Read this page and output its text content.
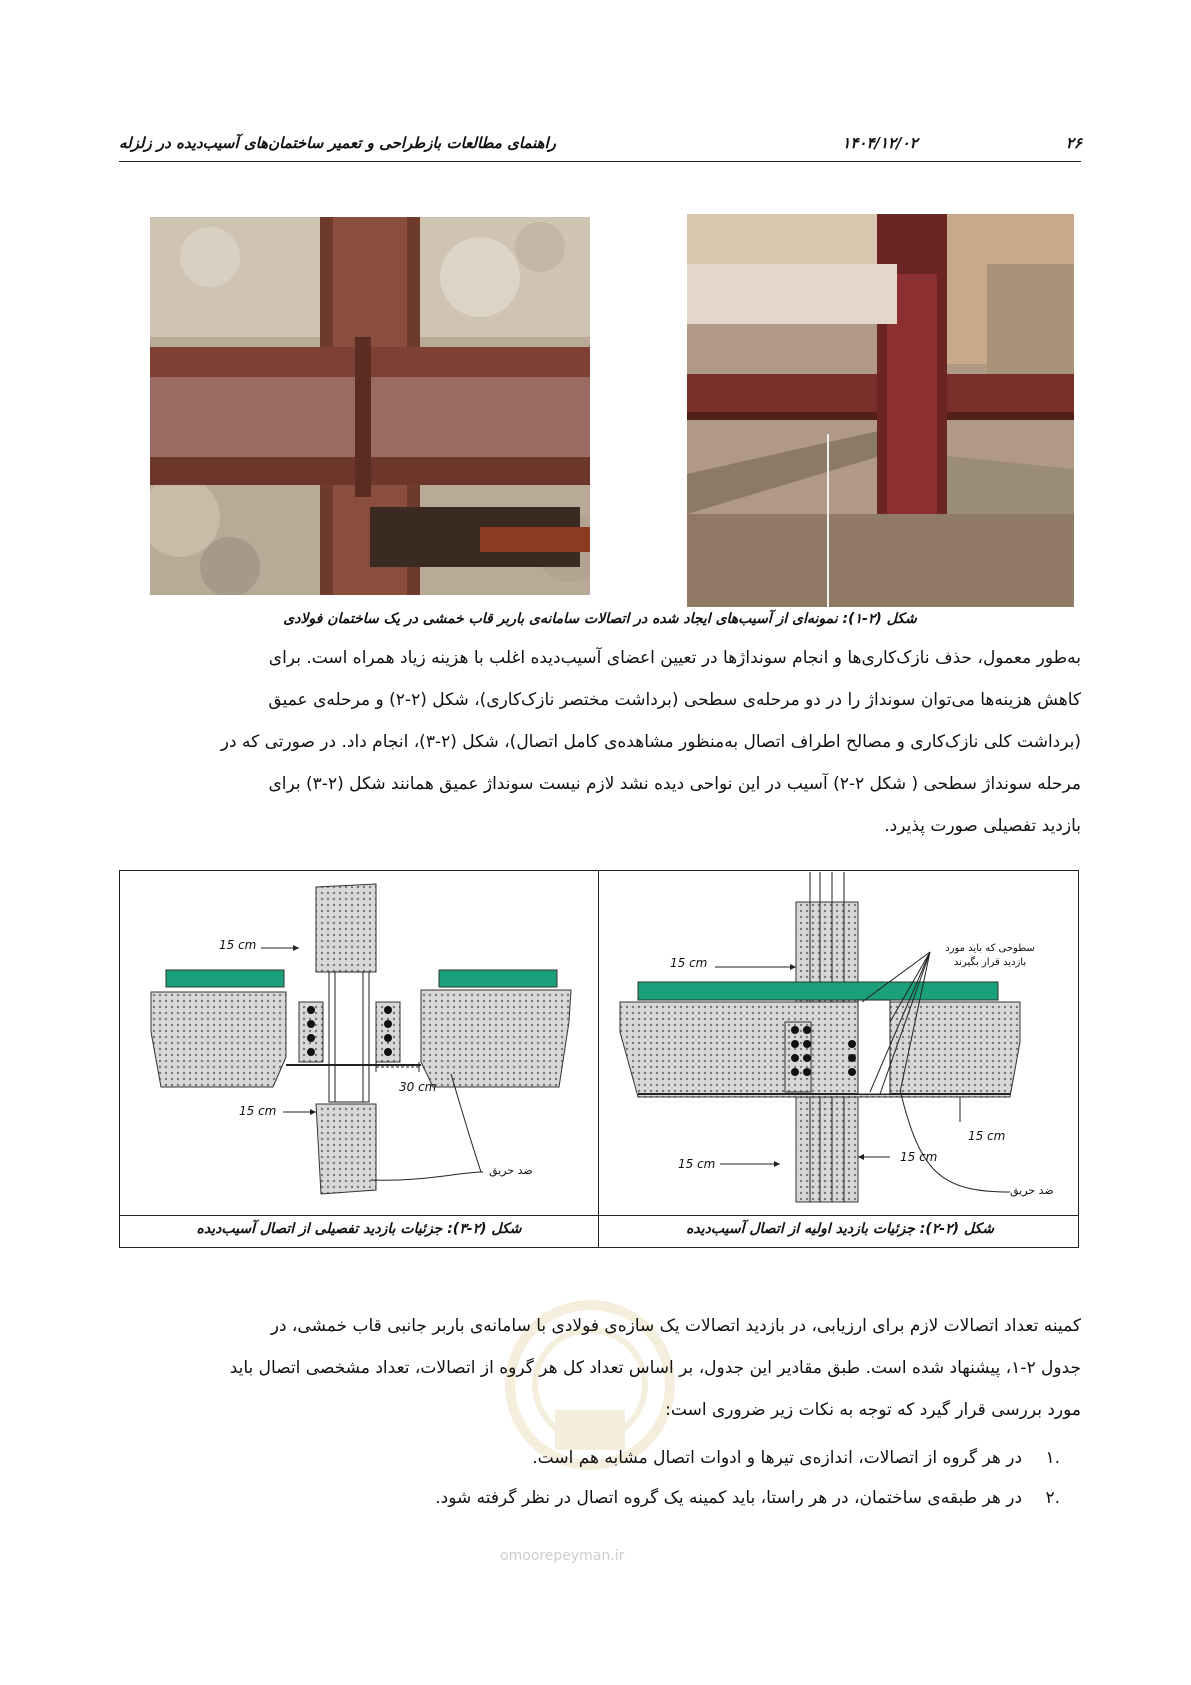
۲۶
۱۴۰۴/۱۲/۰۲
راهنمای مطالعات بازطراحی و تعمیر ساختمان‌های آسیب‌دیده در زلزله
شکل (۲-۱): نمونه‌ای از آسیب‌های ایجاد شده در اتصالات سامانه‌ی باربر قاب خمشی در یک ساختمان فولادی

به‌طور معمول، حذف نازک‌کاری‌ها و انجام سونداژها در تعیین اعضای آسیب‌دیده اغلب با هزینه زیاد همراه است. برای

کاهش هزینه‌ها می‌توان سونداژ را در دو مرحله‌ی سطحی (برداشت مختصر نازک‌کاری)، شکل (۲-۲) و مرحله‌ی عمیق

(برداشت کلی نازک‌کاری و مصالح اطراف اتصال به‌منظور مشاهده‌ی کامل اتصال)، شکل (۲-۳)، انجام داد. در صورتی که در

مرحله سونداژ سطحی ( شکل ۲-۲) آسیب در این نواحی دیده نشد لازم نیست سونداژ عمیق همانند شکل (۲-۳) برای

بازدید تفصیلی صورت پذیرد.

15 cm
15 cm
30 cm
ضد حریق
سطوحی که باید مورد بازدید قرار بگیرند
15 cm
15 cm
15 cm	15 cm
ضد حریق
شکل (۲-۲): جزئیات بازدید اولیه از اتصال آسیب‌دیده
شکل (۲-۳): جزئیات بازدید تفصیلی از اتصال آسیب‌دیده

کمینه تعداد اتصالات لازم برای ارزیابی، در بازدید اتصالات یک سازه‌ی فولادی با سامانه‌ی باربر جانبی قاب خمشی، در

جدول ۲-۱، پیشنهاد شده است. طبق مقادیر این جدول، بر اساس تعداد کل هر گروه از اتصالات، تعداد مشخصی اتصال باید

مورد بررسی قرار گیرد که توجه به نکات زیر ضروری است:

.۱ در هر گروه از اتصالات، اندازه‌ی تیرها و ادوات اتصال مشابه هم است.
.۲ در هر طبقه‌ی ساختمان، در هر راستا، باید کمینه یک گروه اتصال در نظر گرفته شود.
omoorepeyman.ir
